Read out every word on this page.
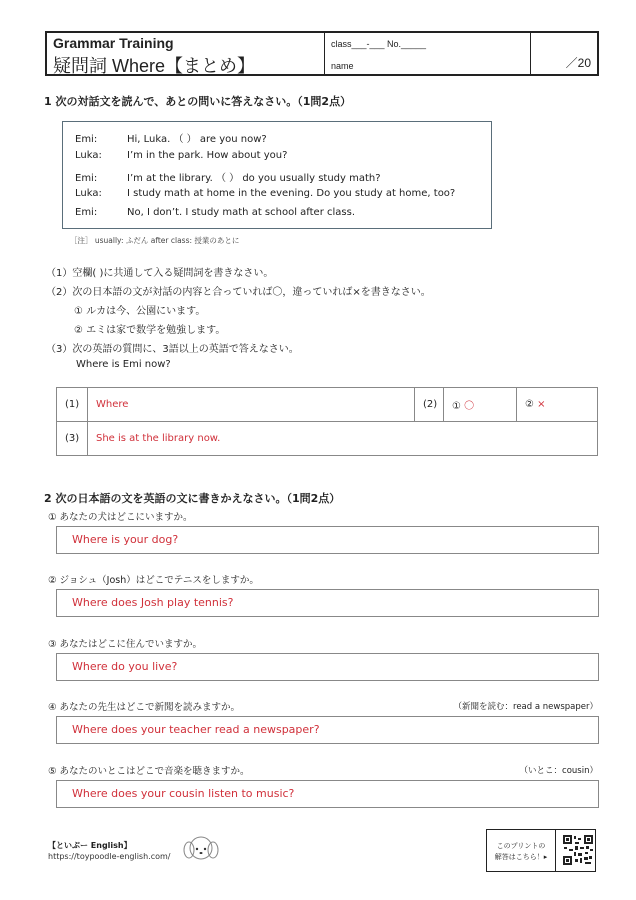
Grammar Training
疑問詞 Where【まとめ】
class___-___ No._____
name	／20
1 次の対話文を読んで、あとの問いに答えなさい。（1問2点）
Emi:	Hi, Luka. （ ） are you now?
Luka:	I’m in the park. How about you?
Emi:	I’m at the library. （ ） do you usually study math?
Luka:	I study math at home in the evening. Do you study at home, too?
Emi:	No, I don’t. I study math at school after class.
［注］ usually: ふだん after class: 授業のあとに
（1）空欄( )に共通して入る疑問詞を書きなさい。
（2）次の日本語の文が対話の内容と合っていれば〇，違っていれば×を書きなさい。
① ルカは今、公園にいます。
② エミは家で数学を勉強します。
（3）次の英語の質問に、3語以上の英語で答えなさい。
Where is Emi now?
(1)	Where	(2)	① 〇	② ×
(3)	She is at the library now.			
2 次の日本語の文を英語の文に書きかえなさい。（1問2点）
① あなたの犬はどこにいますか。
Where is your dog?
② ジョシュ（Josh）はどこでテニスをしますか。
Where does Josh play tennis?
③ あなたはどこに住んでいますか。
Where do you live?
④ あなたの先生はどこで新聞を読みますか。	（新聞を読む：read a newspaper）
Where does your teacher read a newspaper?
⑤ あなたのいとこはどこで音楽を聴きますか。	（いとこ：cousin）
Where does your cousin listen to music?
【といぷー English】
https://toypoodle-english.com/
このプリントの
解答はこちら！▸
